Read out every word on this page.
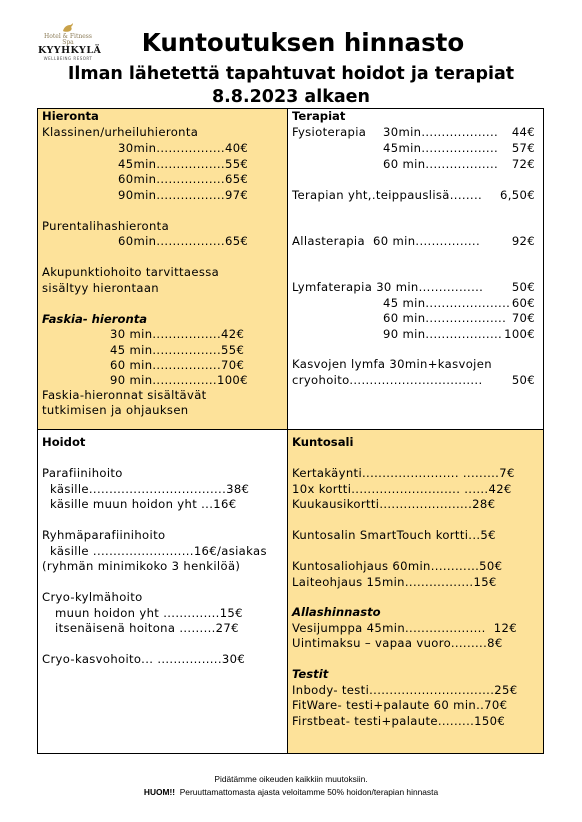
Hotel & Fitness Spa
KYYHKYLÄ
WELLBEING RESORT
Kuntoutuksen hinnasto
Ilman lähetettä tapahtuvat hoidot ja terapiat
8.8.2023 alkaen
Hieronta
Klassinen/urheiluhieronta
30min.................40€
45min.................55€
60min.................65€
90min.................97€
Purentalihashieronta
60min.................65€
Akupunktiohoito tarvittaessa
sisältyy hierontaan
Faskia- hieronta
30 min.................42€
45 min.................55€
60 min.................70€
90 min................100€
Faskia-hieronnat sisältävät
tutkimisen ja ohjauksen
Terapiat
Fysioterapia 30min................... 44€
45min................... 57€
60 min.................. 72€
Terapian yht,.teippauslisä........ 6,50€
Allasterapia  60 min................	92€
Lymfaterapia 30 min................ 50€
45 min..................... 60€
60 min.................... 70€
90 min................... 100€
Kasvojen lymfa 30min+kasvojen
cryohoito.................................	50€
Hoidot
Parafiinihoito
käsille..................................38€
käsille muun hoidon yht ...16€
Ryhmäparafiinihoito
käsille .........................16€/asiakas
(ryhmän minimikoko 3 henkilöä)
Cryo-kylmähoito
muun hoidon yht ..............15€
itsenäisenä hoitona .........27€
Cryo-kasvohoito... ................30€
Kuntosali
Kertakäynti........................ .........7€
10x kortti........................... ......42€
Kuukausikortti.......................28€
Kuntosalin SmartTouch kortti...5€
Kuntosaliohjaus 60min............50€
Laiteohjaus 15min.................15€
Allashinnasto
Vesijumppa 45min....................  12€
Uintimaksu – vapaa vuoro.........8€
Testit
Inbody- testi...............................25€
FitWare- testi+palaute 60 min..70€
Firstbeat- testi+palaute.........150€
Pidätämme oikeuden kaikkiin muutoksiin.
HUOM!! Peruuttamattomasta ajasta veloitamme 50% hoidon/terapian hinnasta
